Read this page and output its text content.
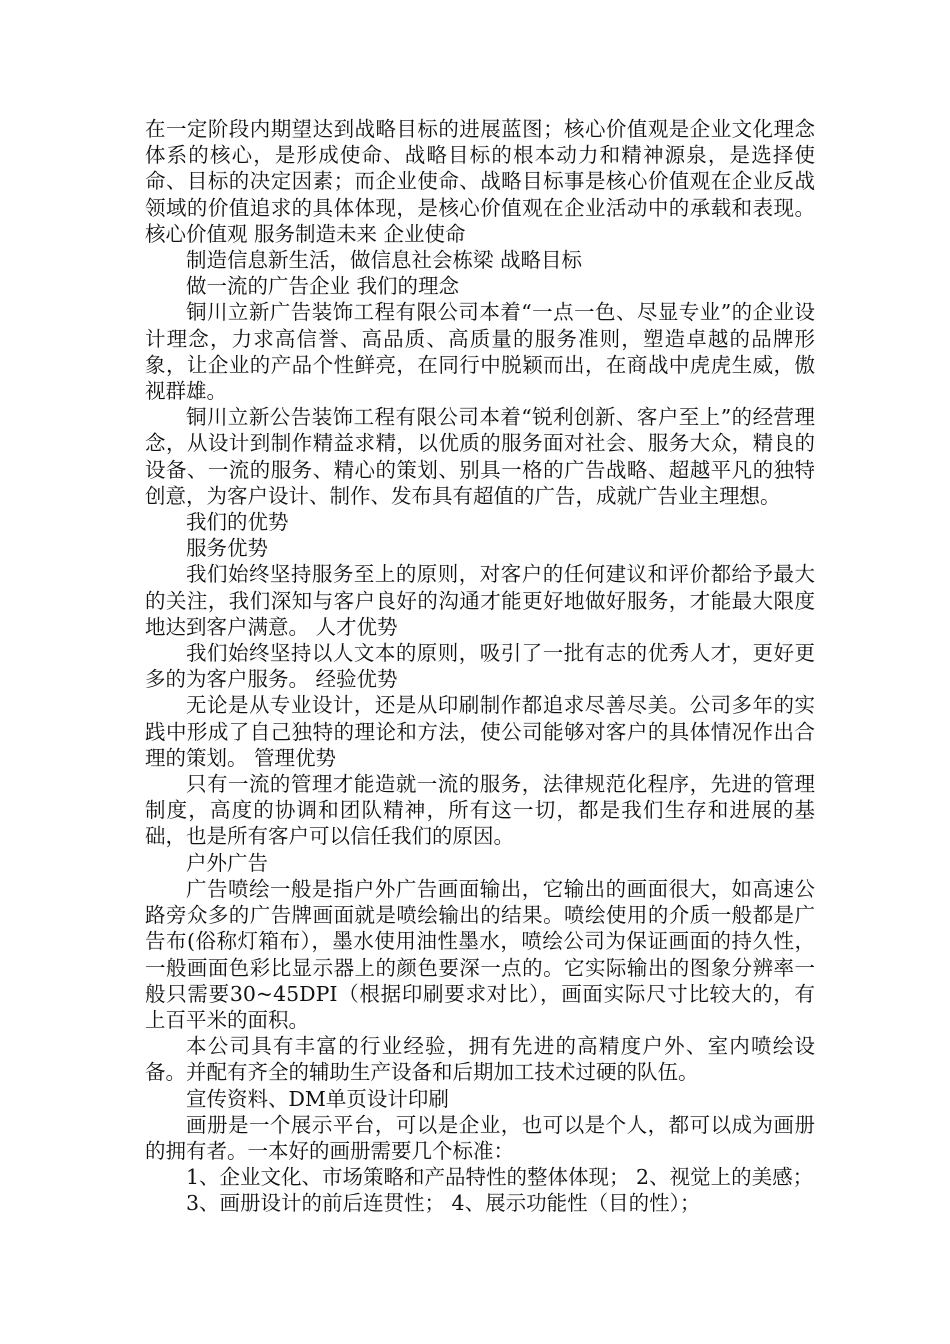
在一定阶段内期望达到战略目标的进展蓝图；核心价值观是企业文化理念体系的核心，是形成使命、战略目标的根本动力和精神源泉，是选择使命、目标的决定因素；而企业使命、战略目标事是核心价值观在企业反战领域的价值追求的具体体现，是核心价值观在企业活动中的承载和表现。 核心价值观 服务制造未来 企业使命

制造信息新生活，做信息社会栋梁 战略目标

做一流的广告企业 我们的理念

铜川立新广告装饰工程有限公司本着“一点一色、尽显专业”的企业设计理念，力求高信誉、高品质、高质量的服务准则，塑造卓越的品牌形象，让企业的产品个性鲜亮，在同行中脱颖而出，在商战中虎虎生威，傲视群雄。

铜川立新公告装饰工程有限公司本着“锐利创新、客户至上”的经营理念，从设计到制作精益求精，以优质的服务面对社会、服务大众，精良的设备、一流的服务、精心的策划、别具一格的广告战略、超越平凡的独特创意，为客户设计、制作、发布具有超值的广告，成就广告业主理想。

我们的优势

服务优势

我们始终坚持服务至上的原则，对客户的任何建议和评价都给予最大的关注，我们深知与客户良好的沟通才能更好地做好服务，才能最大限度地达到客户满意。 人才优势

我们始终坚持以人文本的原则，吸引了一批有志的优秀人才，更好更多的为客户服务。 经验优势

无论是从专业设计，还是从印刷制作都追求尽善尽美。公司多年的实践中形成了自己独特的理论和方法，使公司能够对客户的具体情况作出合理的策划。 管理优势

只有一流的管理才能造就一流的服务，法律规范化程序，先进的管理制度，高度的协调和团队精神，所有这一切，都是我们生存和进展的基础，也是所有客户可以信任我们的原因。

户外广告

广告喷绘一般是指户外广告画面输出，它输出的画面很大，如高速公路旁众多的广告牌画面就是喷绘输出的结果。喷绘使用的介质一般都是广告布(俗称灯箱布），墨水使用油性墨水，喷绘公司为保证画面的持久性，一般画面色彩比显示器上的颜色要深一点的。它实际输出的图象分辨率一般只需要30~45DPI（根据印刷要求对比），画面实际尺寸比较大的，有上百平米的面积。

本公司具有丰富的行业经验，拥有先进的高精度户外、室内喷绘设备。并配有齐全的辅助生产设备和后期加工技术过硬的队伍。

宣传资料、DM单页设计印刷

画册是一个展示平台，可以是企业，也可以是个人，都可以成为画册的拥有者。一本好的画册需要几个标准：

1、企业文化、市场策略和产品特性的整体体现； 2、视觉上的美感；

3、画册设计的前后连贯性； 4、展示功能性（目的性）；
